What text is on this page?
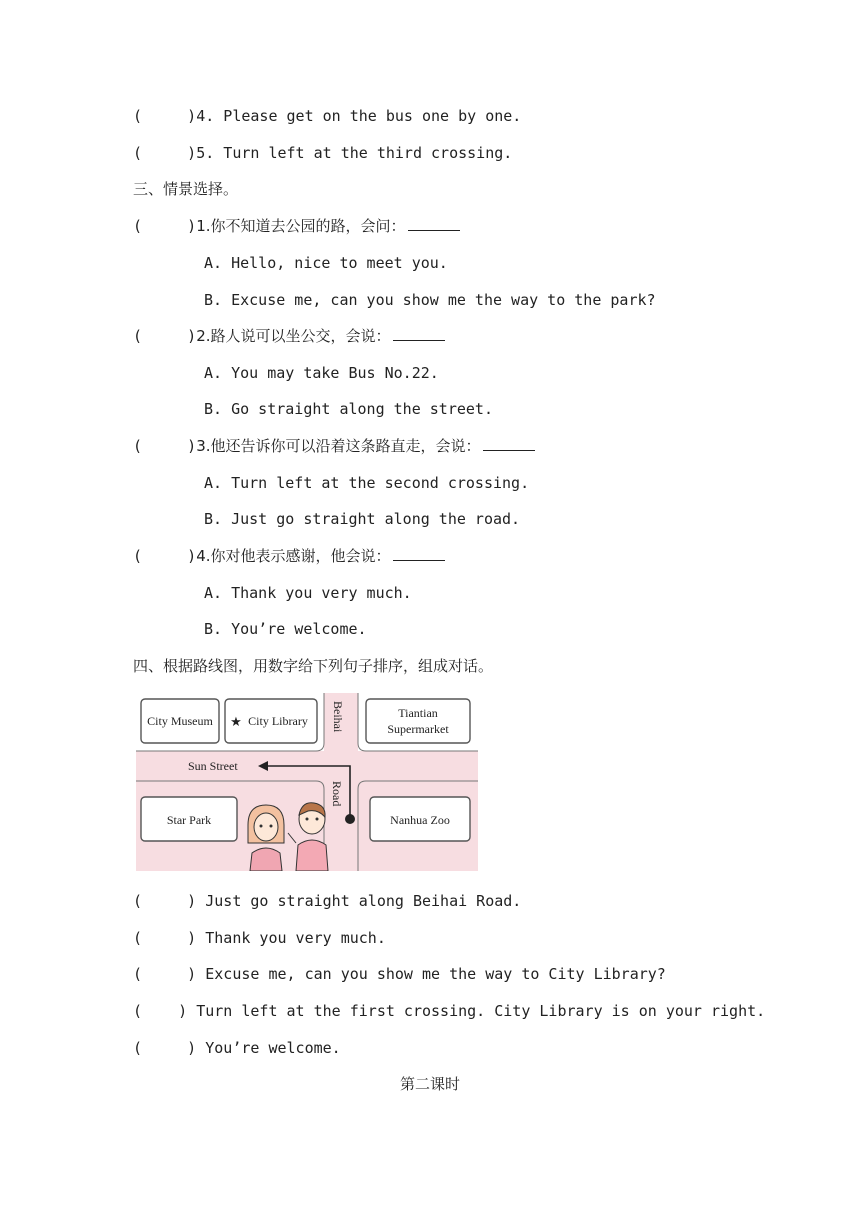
(     )4. Please get on the bus one by one.
(     )5. Turn left at the third crossing.
三、情景选择。
(     )1.你不知道去公园的路，会问：
A. Hello, nice to meet you.
B. Excuse me, can you show me the way to the park?
(     )2.路人说可以坐公交，会说：
A. You may take Bus No.22.
B. Go straight along the street.
(     )3.他还告诉你可以沿着这条路直走，会说：
A. Turn left at the second crossing.
B. Just go straight along the road.
(     )4.你对他表示感谢，他会说：
A. Thank you very much.
B. You’re welcome.
四、根据路线图，用数字给下列句子排序，组成对话。
City Museum ★ City Library
Tiantian
Supermarket
Beihai
Sun Street
Road
Star Park	Nanhua Zoo
(     ) Just go straight along Beihai Road.
(     ) Thank you very much.
(     ) Excuse me, can you show me the way to City Library?
(    ) Turn left at the first crossing. City Library is on your right.
(     ) You’re welcome.
第二课时
